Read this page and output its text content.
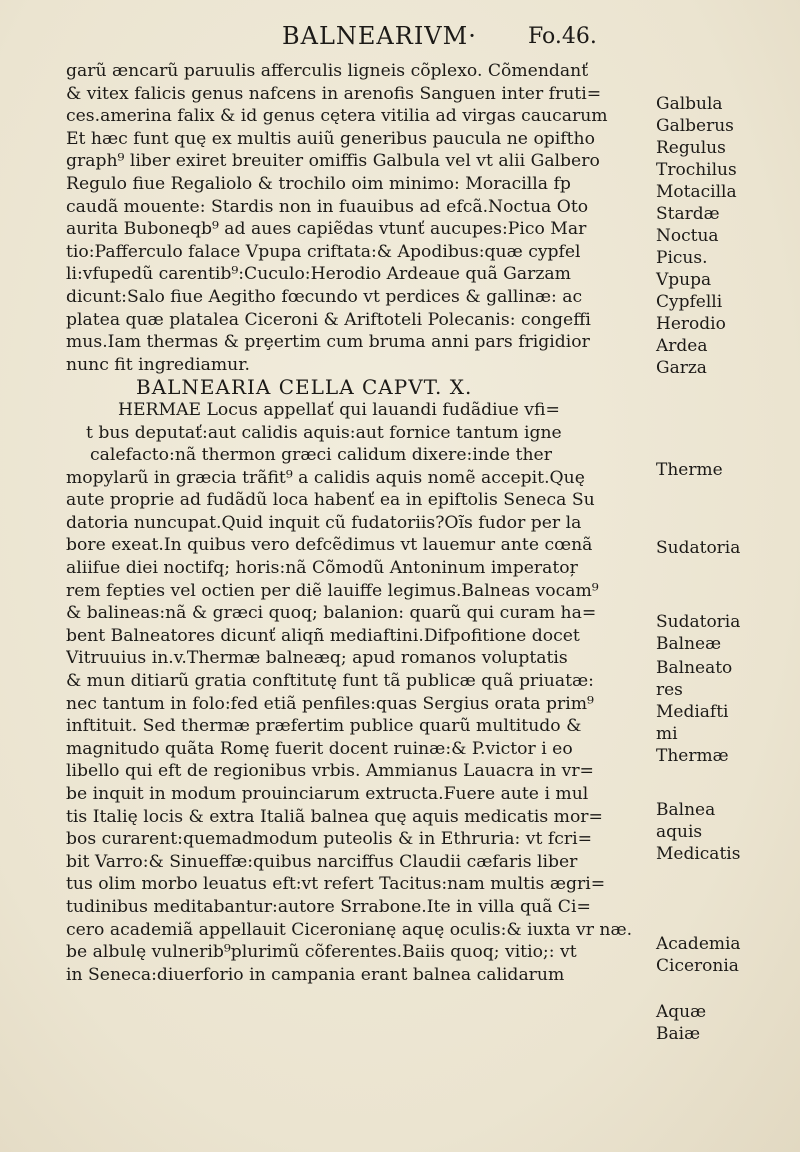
BALNEARIVM· Fo.46.
garũ æncarũ paruulis afferculis ligneis cõplexo. Cõmendanť
& vitex falicis genus nafcens in arenofis Sanguen inter fruti=
ces.amerina falix & id genus cętera vitilia ad virgas caucarum
Et hæc funt quę ex multis auiũ generibus paucula ne opiftho
graph⁹ liber exiret breuiter omiffis Galbula vel vt alii Galbero
Regulo fiue Regaliolo & trochilo oim minimo: Moracilla fp
caudã mouente: Stardis non in fuauibus ad efcã.Noctua Oto
aurita Buboneqb⁹ ad aues capiẽdas vtunť aucupes:Pico Mar
tio:Pafferculo falace Vpupa criftata:& Apodibus:quæ cypfel
li:vfupedũ carentib⁹:Cuculo:Herodio Ardeaue quã Garzam
dicunt:Salo fiue Aegitho fœcundo vt perdices & gallinæ: ac
platea quæ platalea Ciceroni & Ariftoteli Polecanis: congeffi
mus.Iam thermas & prȩertim cum bruma anni pars frigidior
nunc fit ingrediamur.
BALNEARIA CELLA CAPVT. X.
HERMAE Locus appellať qui lauandi fudãdiue vfi=
t bus deputať:aut calidis aquis:aut fornice tantum igne
calefacto:nã thermon græci calidum dixere:inde ther
mopylarũ in græcia trãfit⁹ a calidis aquis nomẽ accepit.Quę
aute proprie ad fudãdũ loca habenť ea in epiftolis Seneca Su
datoria nuncupat.Quid inquit cũ fudatoriis?Oĩs fudor per la
bore exeat.In quibus vero defcẽdimus vt lauemur ante cœnã
aliifue diei noctifq; horis:nã Cõmodũ Antoninum imperatoŗ
rem fepties vel octien per diẽ lauiffe legimus.Balneas vocam⁹
& balineas:nã & græci quoq; balanion: quarũ qui curam ha=
bent Balneatores dicunť aliqñ mediaftini.Difpofitione docet
Vitruuius in.v.Thermæ balneæq; apud romanos voluptatis
& mun ditiarũ gratia conftitutę funt tã publicæ quã priuatæ:
nec tantum in folo:fed etiã penfiles:quas Sergius orata prim⁹
inftituit. Sed thermæ præfertim publice quarũ multitudo &
magnitudo quãta Romę fuerit docent ruinæ:& P.victor i eo
libello qui eft de regionibus vrbis. Ammianus Lauacra in vr=
be inquit in modum prouinciarum extructa.Fuere aute i mul
tis Italię locis & extra Italiã balnea quę aquis medicatis mor=
bos curarent:quemadmodum puteolis & in Ethruria: vt fcri=
bit Varro:& Sinueffæ:quibus narciffus Claudii cæfaris liber
tus olim morbo leuatus eft:vt refert Tacitus:nam multis ægri=
tudinibus meditabantur:autore Srrabone.Ite in villa quã Ci=
cero academiã appellauit Ciceronianę aquę oculis:& iuxta vr næ.
be albulę vulnerib⁹plurimũ cõferentes.Baiis quoq; vitio;: vt
in Seneca:diuerforio in campania erant balnea calidarum
Galbula
Galberus
Regulus
Trochilus
Motacilla
Stardæ
Noctua
Picus.
Vpupa
Cypfelli
Herodio
Ardea
Garza
Therme
Sudatoria
Sudatoria
Balneæ
Balneato
res
Mediafti
mi
Thermæ
Balnea
aquis
Medicatis
Academia
Ciceronia
Aquæ
Baiæ
